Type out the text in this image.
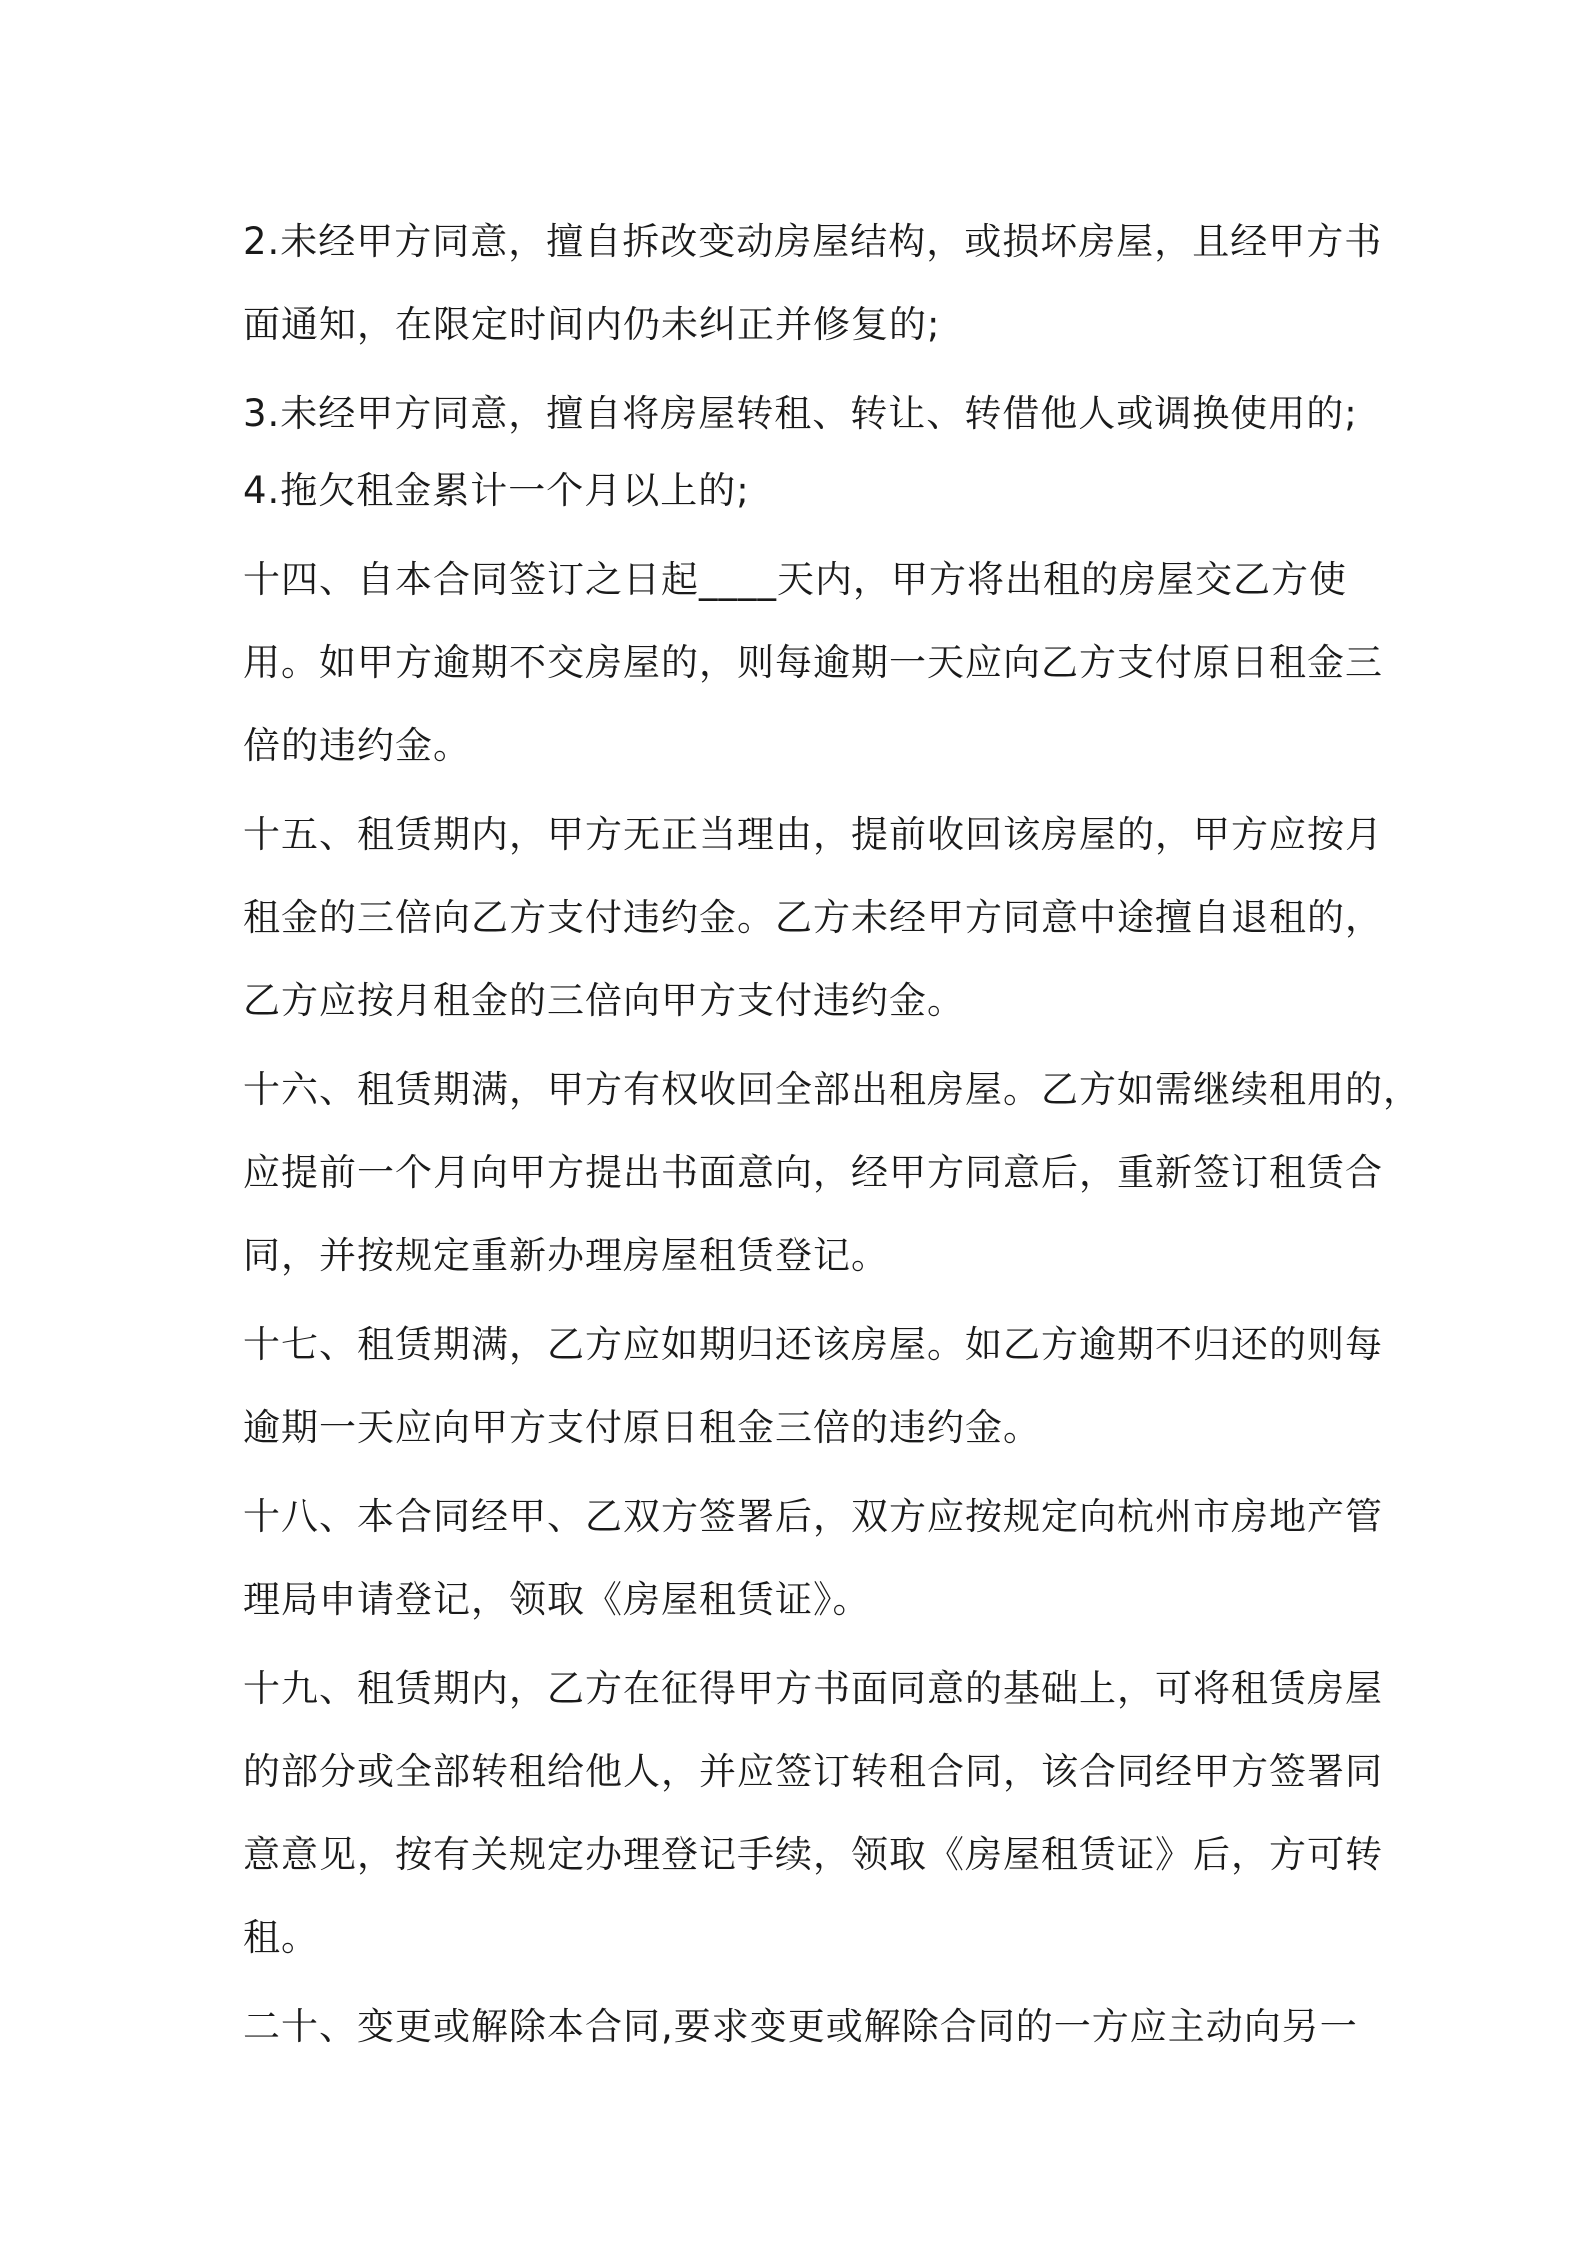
2.未经甲方同意，擅自拆改变动房屋结构，或损坏房屋，且经甲方书
面通知，在限定时间内仍未纠正并修复的;

3.未经甲方同意，擅自将房屋转租、转让、转借他人或调换使用的;

4.拖欠租金累计一个月以上的;

十四、自本合同签订之日起____天内，甲方将出租的房屋交乙方使
用。如甲方逾期不交房屋的，则每逾期一天应向乙方支付原日租金三
倍的违约金。

十五、租赁期内，甲方无正当理由，提前收回该房屋的，甲方应按月
租金的三倍向乙方支付违约金。乙方未经甲方同意中途擅自退租的，
乙方应按月租金的三倍向甲方支付违约金。

十六、租赁期满，甲方有权收回全部出租房屋。乙方如需继续租用的，
应提前一个月向甲方提出书面意向，经甲方同意后，重新签订租赁合
同，并按规定重新办理房屋租赁登记。

十七、租赁期满，乙方应如期归还该房屋。如乙方逾期不归还的则每
逾期一天应向甲方支付原日租金三倍的违约金。

十八、本合同经甲、乙双方签署后，双方应按规定向杭州市房地产管
理局申请登记，领取《房屋租赁证》。

十九、租赁期内，乙方在征得甲方书面同意的基础上，可将租赁房屋
的部分或全部转租给他人，并应签订转租合同，该合同经甲方签署同
意意见，按有关规定办理登记手续，领取《房屋租赁证》后，方可转
租。

二十、变更或解除本合同,要求变更或解除合同的一方应主动向另一
